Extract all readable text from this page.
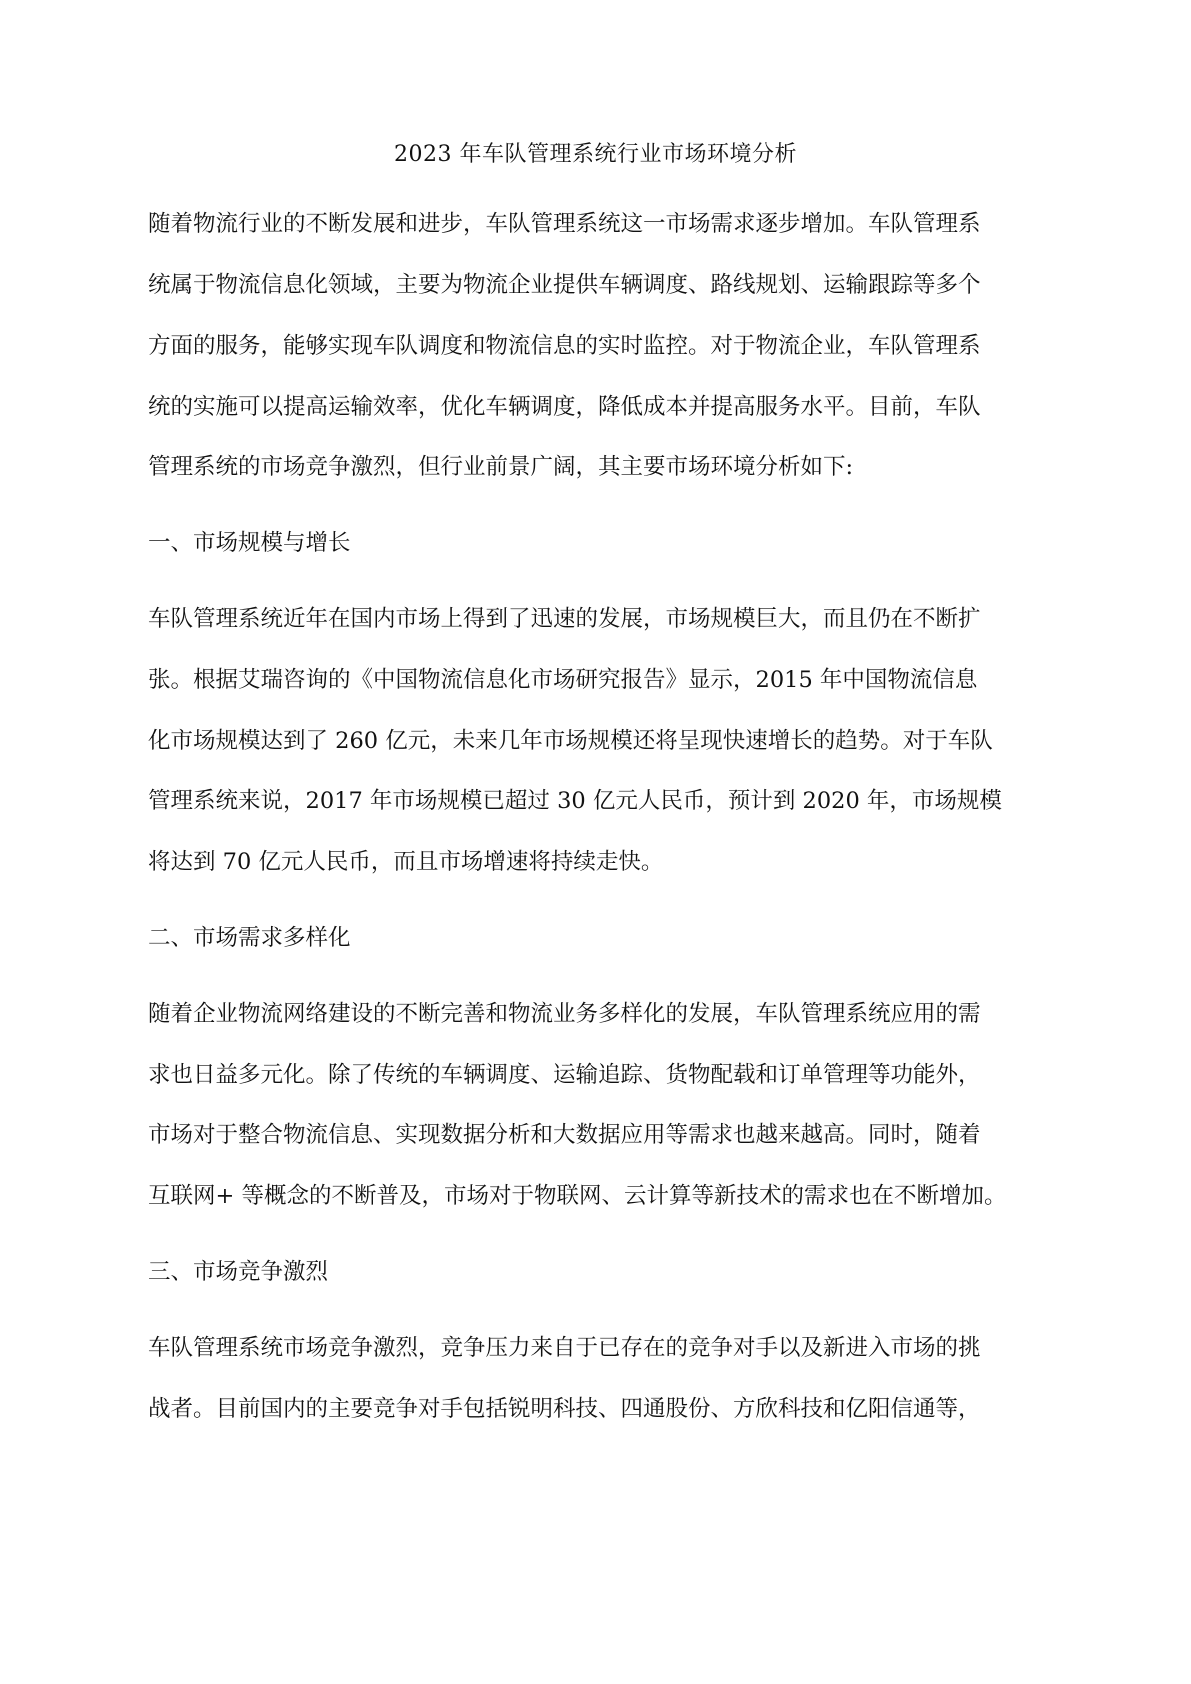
2023 年车队管理系统行业市场环境分析
随着物流行业的不断发展和进步，车队管理系统这一市场需求逐步增加。车队管理系
统属于物流信息化领域，主要为物流企业提供车辆调度、路线规划、运输跟踪等多个
方面的服务，能够实现车队调度和物流信息的实时监控。对于物流企业，车队管理系
统的实施可以提高运输效率，优化车辆调度，降低成本并提高服务水平。目前，车队
管理系统的市场竞争激烈，但行业前景广阔，其主要市场环境分析如下:
一、市场规模与增长
车队管理系统近年在国内市场上得到了迅速的发展，市场规模巨大，而且仍在不断扩
张。根据艾瑞咨询的《中国物流信息化市场研究报告》显示，2015 年中国物流信息
化市场规模达到了 260 亿元，未来几年市场规模还将呈现快速增长的趋势。对于车队
管理系统来说，2017 年市场规模已超过 30 亿元人民币，预计到 2020 年，市场规模
将达到 70 亿元人民币，而且市场增速将持续走快。
二、市场需求多样化
随着企业物流网络建设的不断完善和物流业务多样化的发展，车队管理系统应用的需
求也日益多元化。除了传统的车辆调度、运输追踪、货物配载和订单管理等功能外，
市场对于整合物流信息、实现数据分析和大数据应用等需求也越来越高。同时，随着
互联网+ 等概念的不断普及，市场对于物联网、云计算等新技术的需求也在不断增加。
三、市场竞争激烈
车队管理系统市场竞争激烈，竞争压力来自于已存在的竞争对手以及新进入市场的挑
战者。目前国内的主要竞争对手包括锐明科技、四通股份、方欣科技和亿阳信通等，
